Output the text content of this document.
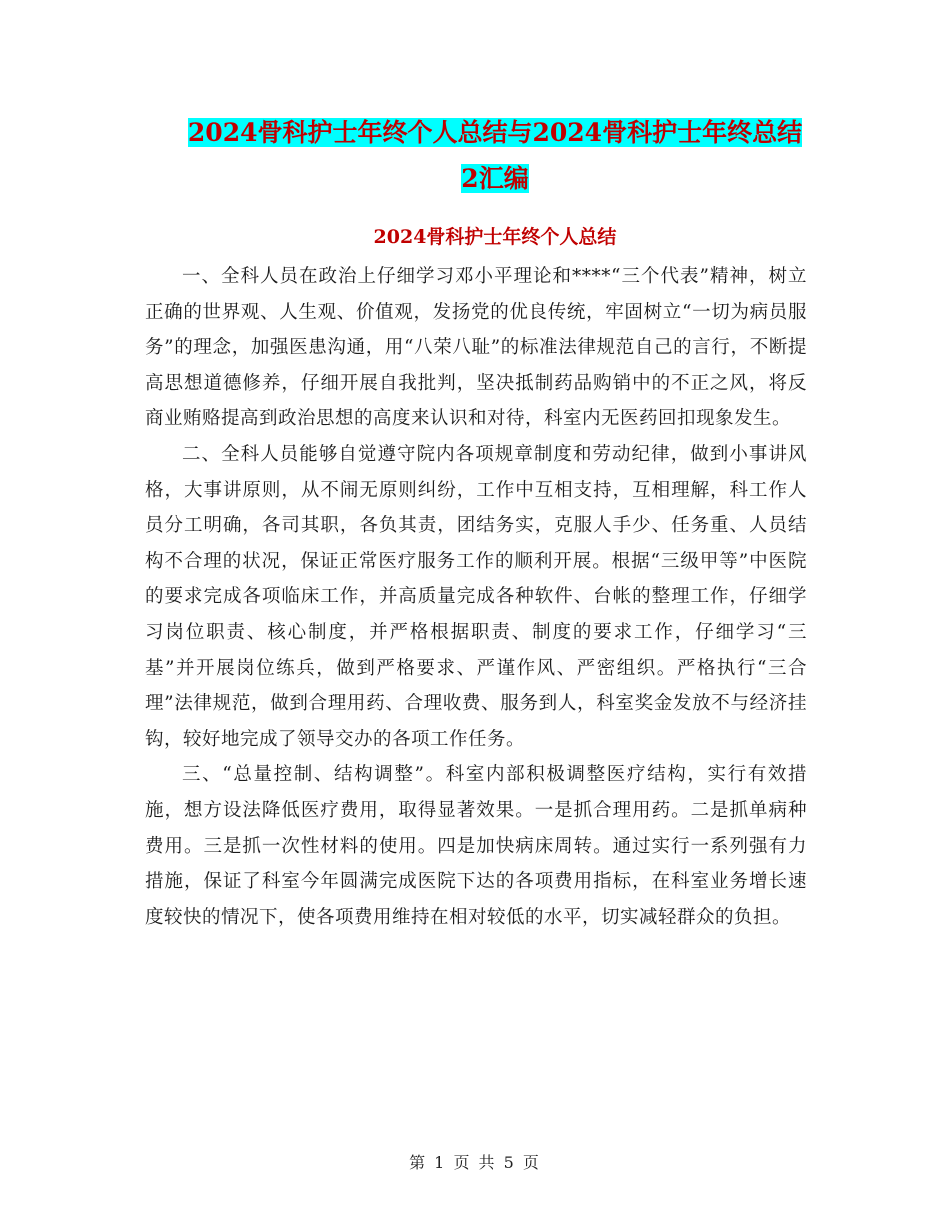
2024骨科护士年终个人总结与2024骨科护士年终总结
2汇编
2024骨科护士年终个人总结

一、全科人员在政治上仔细学习邓小平理论和****“三个代表”精神，树立正确的世界观、人生观、价值观，发扬党的优良传统，牢固树立“一切为病员服务”的理念，加强医患沟通，用“八荣八耻”的标准法律规范自己的言行，不断提高思想道德修养，仔细开展自我批判，坚决抵制药品购销中的不正之风，将反商业贿赂提高到政治思想的高度来认识和对待，科室内无医药回扣现象发生。

二、全科人员能够自觉遵守院内各项规章制度和劳动纪律，做到小事讲风格，大事讲原则，从不闹无原则纠纷，工作中互相支持，互相理解，科工作人员分工明确，各司其职，各负其责，团结务实，克服人手少、任务重、人员结构不合理的状况，保证正常医疗服务工作的顺利开展。根据“三级甲等”中医院的要求完成各项临床工作，并高质量完成各种软件、台帐的整理工作，仔细学习岗位职责、核心制度，并严格根据职责、制度的要求工作，仔细学习“三基”并开展岗位练兵，做到严格要求、严谨作风、严密组织。严格执行“三合理”法律规范，做到合理用药、合理收费、服务到人，科室奖金发放不与经济挂钩，较好地完成了领导交办的各项工作任务。

三、“总量控制、结构调整”。科室内部积极调整医疗结构，实行有效措施，想方设法降低医疗费用，取得显著效果。一是抓合理用药。二是抓单病种费用。三是抓一次性材料的使用。四是加快病床周转。通过实行一系列强有力措施，保证了科室今年圆满完成医院下达的各项费用指标，在科室业务增长速度较快的情况下，使各项费用维持在相对较低的水平，切实减轻群众的负担。

第 1 页 共 5 页
